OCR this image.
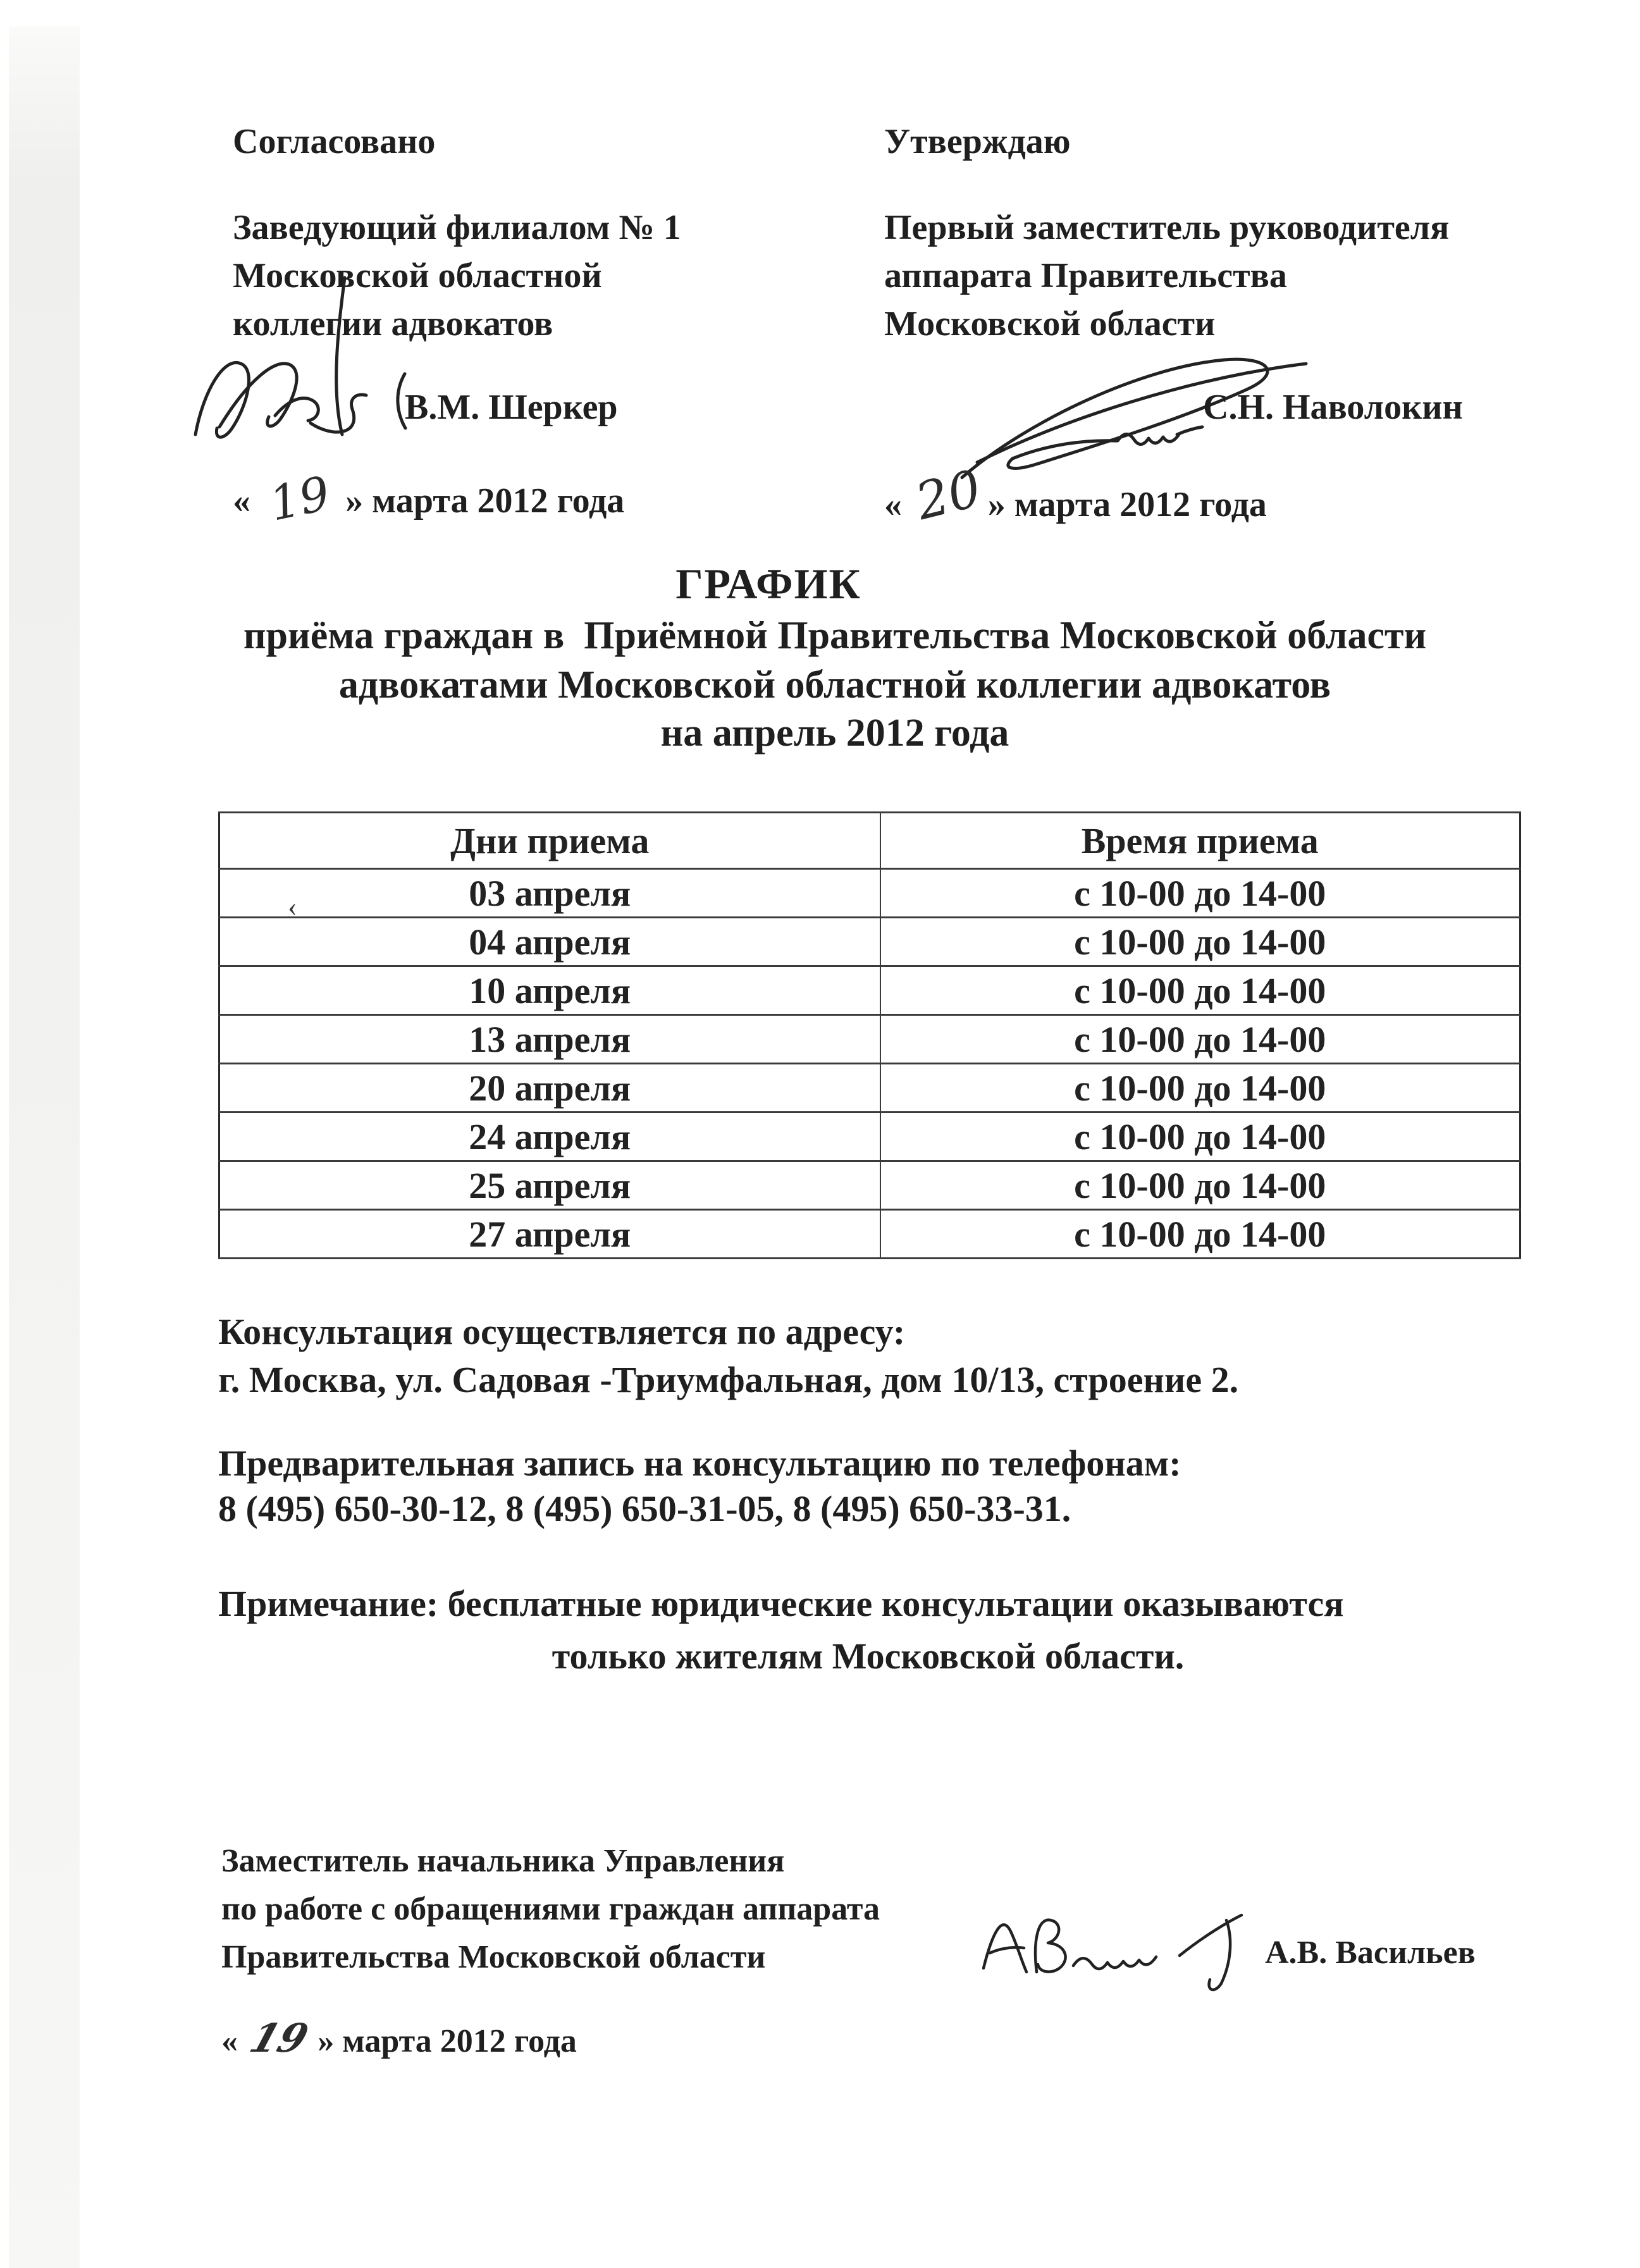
Согласовано
Заведующий филиалом № 1
Московской областной
коллегии адвокатов
В.М. Шеркер
« 19 » марта 2012 года
Утверждаю
Первый заместитель руководителя
аппарата Правительства
Московской области
С.Н. Наволокин
« 20» марта 2012 года
ГРАФИК
приёма граждан в  Приёмной Правительства Московской области
адвокатами Московской областной коллегии адвокатов
на апрель 2012 года
Дни приема	Время приема
03 апреля	с 10-00 до 14-00
04 апреля	с 10-00 до 14-00
10 апреля	с 10-00 до 14-00
13 апреля	с 10-00 до 14-00
20 апреля	с 10-00 до 14-00
24 апреля	с 10-00 до 14-00
25 апреля	с 10-00 до 14-00
27 апреля	с 10-00 до 14-00
‹
Консультация осуществляется по адресу:
г. Москва, ул. Садовая -Триумфальная, дом 10/13, строение 2.
Предварительная запись на консультацию по телефонам:
8 (495) 650-30-12, 8 (495) 650-31-05, 8 (495) 650-33-31.
Примечание: бесплатные юридические консультации оказываются
только жителям Московской области.
Заместитель начальника Управления
по работе с обращениями граждан аппарата
Правительства Московской области	А.В. Васильев
« 19 » марта 2012 года
